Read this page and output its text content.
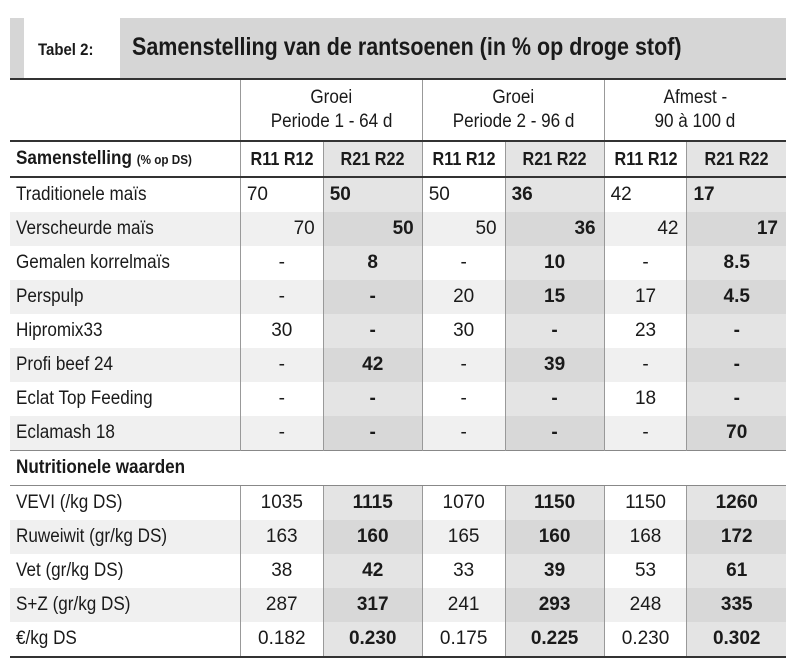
Tabel 2: Samenstelling van de rantsoenen (in % op droge stof)
	Groei
Periode 1 - 64 d		Groei
Periode 2 - 96 d		Afmest -
90 à 100 d	
Samenstelling (% op DS)	R11 R12	R21 R22	R11 R12	R21 R22	R11 R12	R21 R22
Traditionele maïs	70	50	50	36	42	17
Verscheurde maïs	70	50	50	36	42	17
Gemalen korrelmaïs	-	8	-	10	-	8.5
Perspulp	-	-	20	15	17	4.5
Hipromix33	30	-	30	-	23	-
Profi beef 24	-	42	-	39	-	-
Eclat Top Feeding	-	-	-	-	18	-
Eclamash 18	-	-	-	-	-	70
Nutritionele waarden						
VEVI (/kg DS)	1035	1115	1070	1150	1150	1260
Ruweiwit (gr/kg DS)	163	160	165	160	168	172
Vet (gr/kg DS)	38	42	33	39	53	61
S+Z (gr/kg DS)	287	317	241	293	248	335
€/kg DS	0.182	0.230	0.175	0.225	0.230	0.302
